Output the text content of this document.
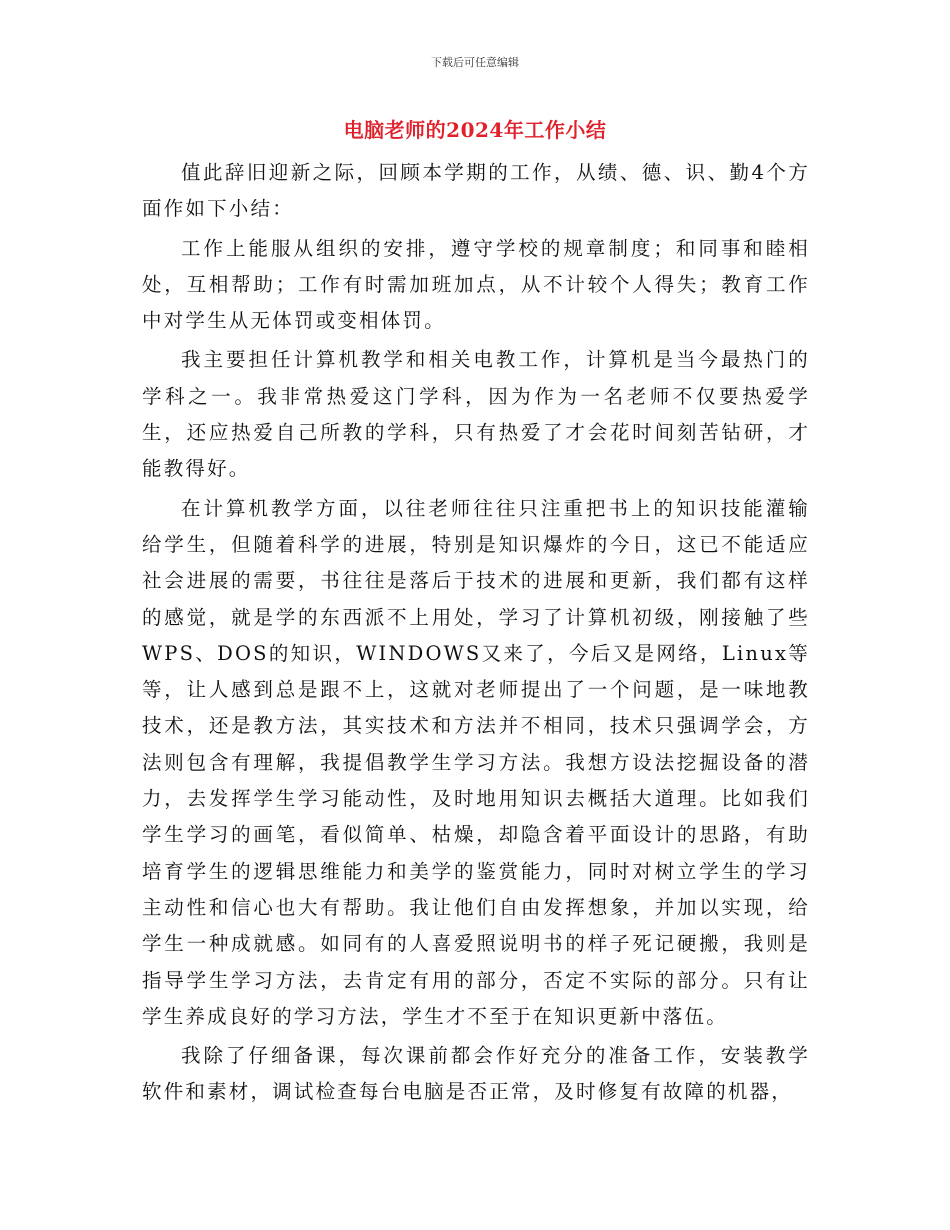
下载后可任意编辑
电脑老师的2024年工作小结

值此辞旧迎新之际，回顾本学期的工作，从绩、德、识、勤4个方面作如下小结：

工作上能服从组织的安排，遵守学校的规章制度；和同事和睦相处，互相帮助；工作有时需加班加点，从不计较个人得失；教育工作中对学生从无体罚或变相体罚。

我主要担任计算机教学和相关电教工作，计算机是当今最热门的学科之一。我非常热爱这门学科，因为作为一名老师不仅要热爱学生，还应热爱自己所教的学科，只有热爱了才会花时间刻苦钻研，才能教得好。

在计算机教学方面，以往老师往往只注重把书上的知识技能灌输给学生，但随着科学的进展，特别是知识爆炸的今日，这已不能适应社会进展的需要，书往往是落后于技术的进展和更新，我们都有这样的感觉，就是学的东西派不上用处，学习了计算机初级，刚接触了些WPS、DOS的知识，WINDOWS又来了，今后又是网络，Linux等等，让人感到总是跟不上，这就对老师提出了一个问题，是一味地教技术，还是教方法，其实技术和方法并不相同，技术只强调学会，方法则包含有理解，我提倡教学生学习方法。我想方设法挖掘设备的潜力，去发挥学生学习能动性，及时地用知识去概括大道理。比如我们学生学习的画笔，看似简单、枯燥，却隐含着平面设计的思路，有助培育学生的逻辑思维能力和美学的鉴赏能力，同时对树立学生的学习主动性和信心也大有帮助。我让他们自由发挥想象，并加以实现，给学生一种成就感。如同有的人喜爱照说明书的样子死记硬搬，我则是指导学生学习方法，去肯定有用的部分，否定不实际的部分。只有让学生养成良好的学习方法，学生才不至于在知识更新中落伍。

我除了仔细备课，每次课前都会作好充分的准备工作，安装教学软件和素材，调试检查每台电脑是否正常，及时修复有故障的机器，
